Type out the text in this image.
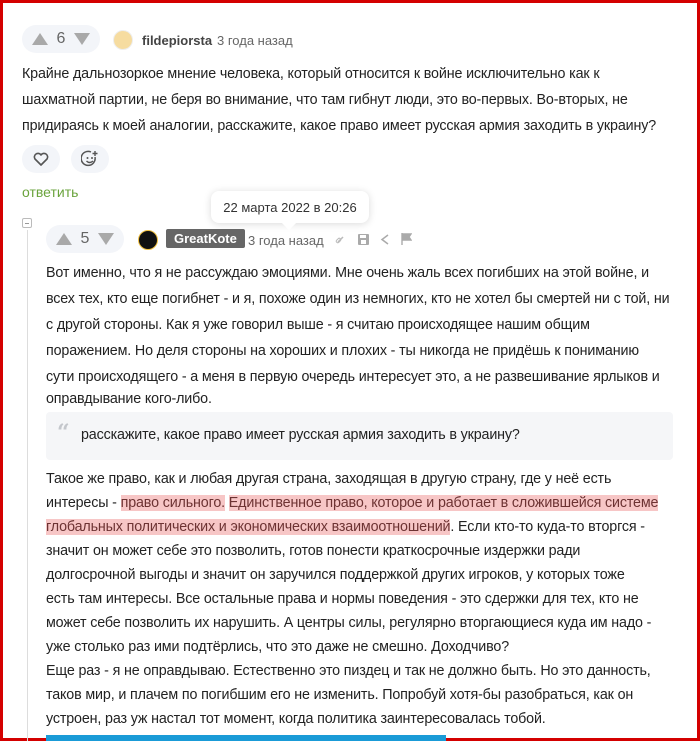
6	fildepiorsta 3 года назад
Крайне дальнозоркое мнение человека, который относится к войне исключительно как к
шахматной партии, не беря во внимание, что там гибнут люди, это во-первых. Во-вторых, не
придираясь к моей аналогии, расскажите, какое право имеет русская армия заходить в украину?
ответить
22 марта 2022 в 20:26
5	GreatKote 3 года назад
Вот именно, что я не рассуждаю эмоциями. Мне очень жаль всех погибших на этой войне, и
всех тех, кто еще погибнет - и я, похоже один из немногих, кто не хотел бы смертей ни с той, ни
с другой стороны. Как я уже говорил выше - я считаю происходящее нашим общим
поражением. Но деля стороны на хороших и плохих - ты никогда не придёшь к пониманию
сути происходящего - а меня в первую очередь интересует это, а не развешивание ярлыков и
оправдывание кого-либо.
“ расскажите, какое право имеет русская армия заходить в украину?
Такое же право, как и любая другая страна, заходящая в другую страну, где у неё есть
интересы - право сильного. Единственное право, которое и работает в сложившейся системе
глобальных политических и экономических взаимоотношений. Если кто-то куда-то вторгся -
значит он может себе это позволить, готов понести краткосрочные издержки ради
долгосрочной выгоды и значит он заручился поддержкой других игроков, у которых тоже
есть там интересы. Все остальные права и нормы поведения - это сдержки для тех, кто не
может себе позволить их нарушить. А центры силы, регулярно вторгающиеся куда им надо -
уже столько раз ими подтёрлись, что это даже не смешно. Доходчиво?
Еще раз - я не оправдываю. Естественно это пиздец и так не должно быть. Но это данность,
таков мир, и плачем по погибшим его не изменить. Попробуй хотя-бы разобраться, как он
устроен, раз уж настал тот момент, когда политика заинтересовалась тобой.
